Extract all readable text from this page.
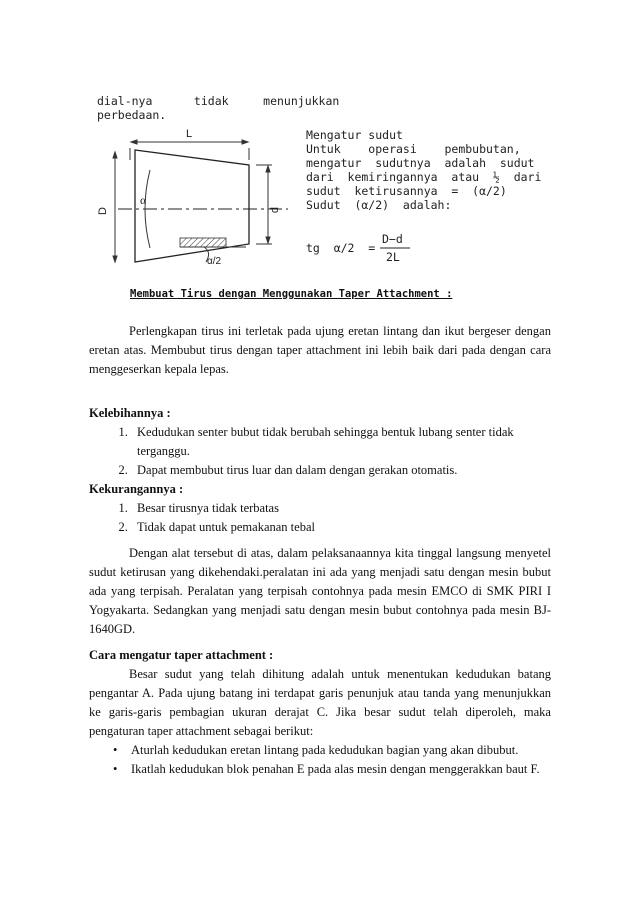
dial-nya      tidak     menunjukkan
perbedaan.
L
D	d
α
α/2
Mengatur sudut
Untuk    operasi    pembubutan,
mengatur  sudutnya  adalah  sudut
dari  kemiringannya  atau  ½  dari
sudut  ketirusannya  =  (α/2)
Sudut  (α/2)  adalah:
tg  α/2  =
D−d
2L
Membuat Tirus dengan Menggunakan Taper Attachment :

Perlengkapan tirus ini terletak pada ujung eretan lintang dan ikut bergeser dengan eretan atas. Membubut tirus dengan taper attachment ini lebih baik dari pada dengan cara menggeserkan kepala lepas.

Kelebihannya :

1. Kedudukan senter bubut tidak berubah sehingga bentuk lubang senter tidak terganggu.
2. Dapat membubut tirus luar dan dalam dengan gerakan otomatis.

Kekurangannya :

1. Besar tirusnya tidak terbatas
2. Tidak dapat untuk pemakanan tebal

Dengan alat tersebut di atas, dalam pelaksanaannya kita tinggal langsung menyetel sudut ketirusan yang dikehendaki.peralatan ini ada yang menjadi satu dengan mesin bubut ada yang terpisah. Peralatan yang terpisah contohnya pada mesin EMCO di SMK PIRI I Yogyakarta. Sedangkan yang menjadi satu dengan mesin bubut contohnya pada mesin BJ-1640GD.

Cara mengatur taper attachment :

Besar sudut yang telah dihitung adalah untuk menentukan kedudukan batang pengantar A. Pada ujung batang ini terdapat garis penunjuk atau tanda yang menunjukkan ke garis-garis pembagian ukuran derajat C. Jika besar sudut telah diperoleh, maka pengaturan taper attachment sebagai berikut:

• Aturlah kedudukan eretan lintang pada kedudukan bagian yang akan dibubut.
• Ikatlah kedudukan blok penahan E pada alas mesin dengan menggerakkan baut F.
